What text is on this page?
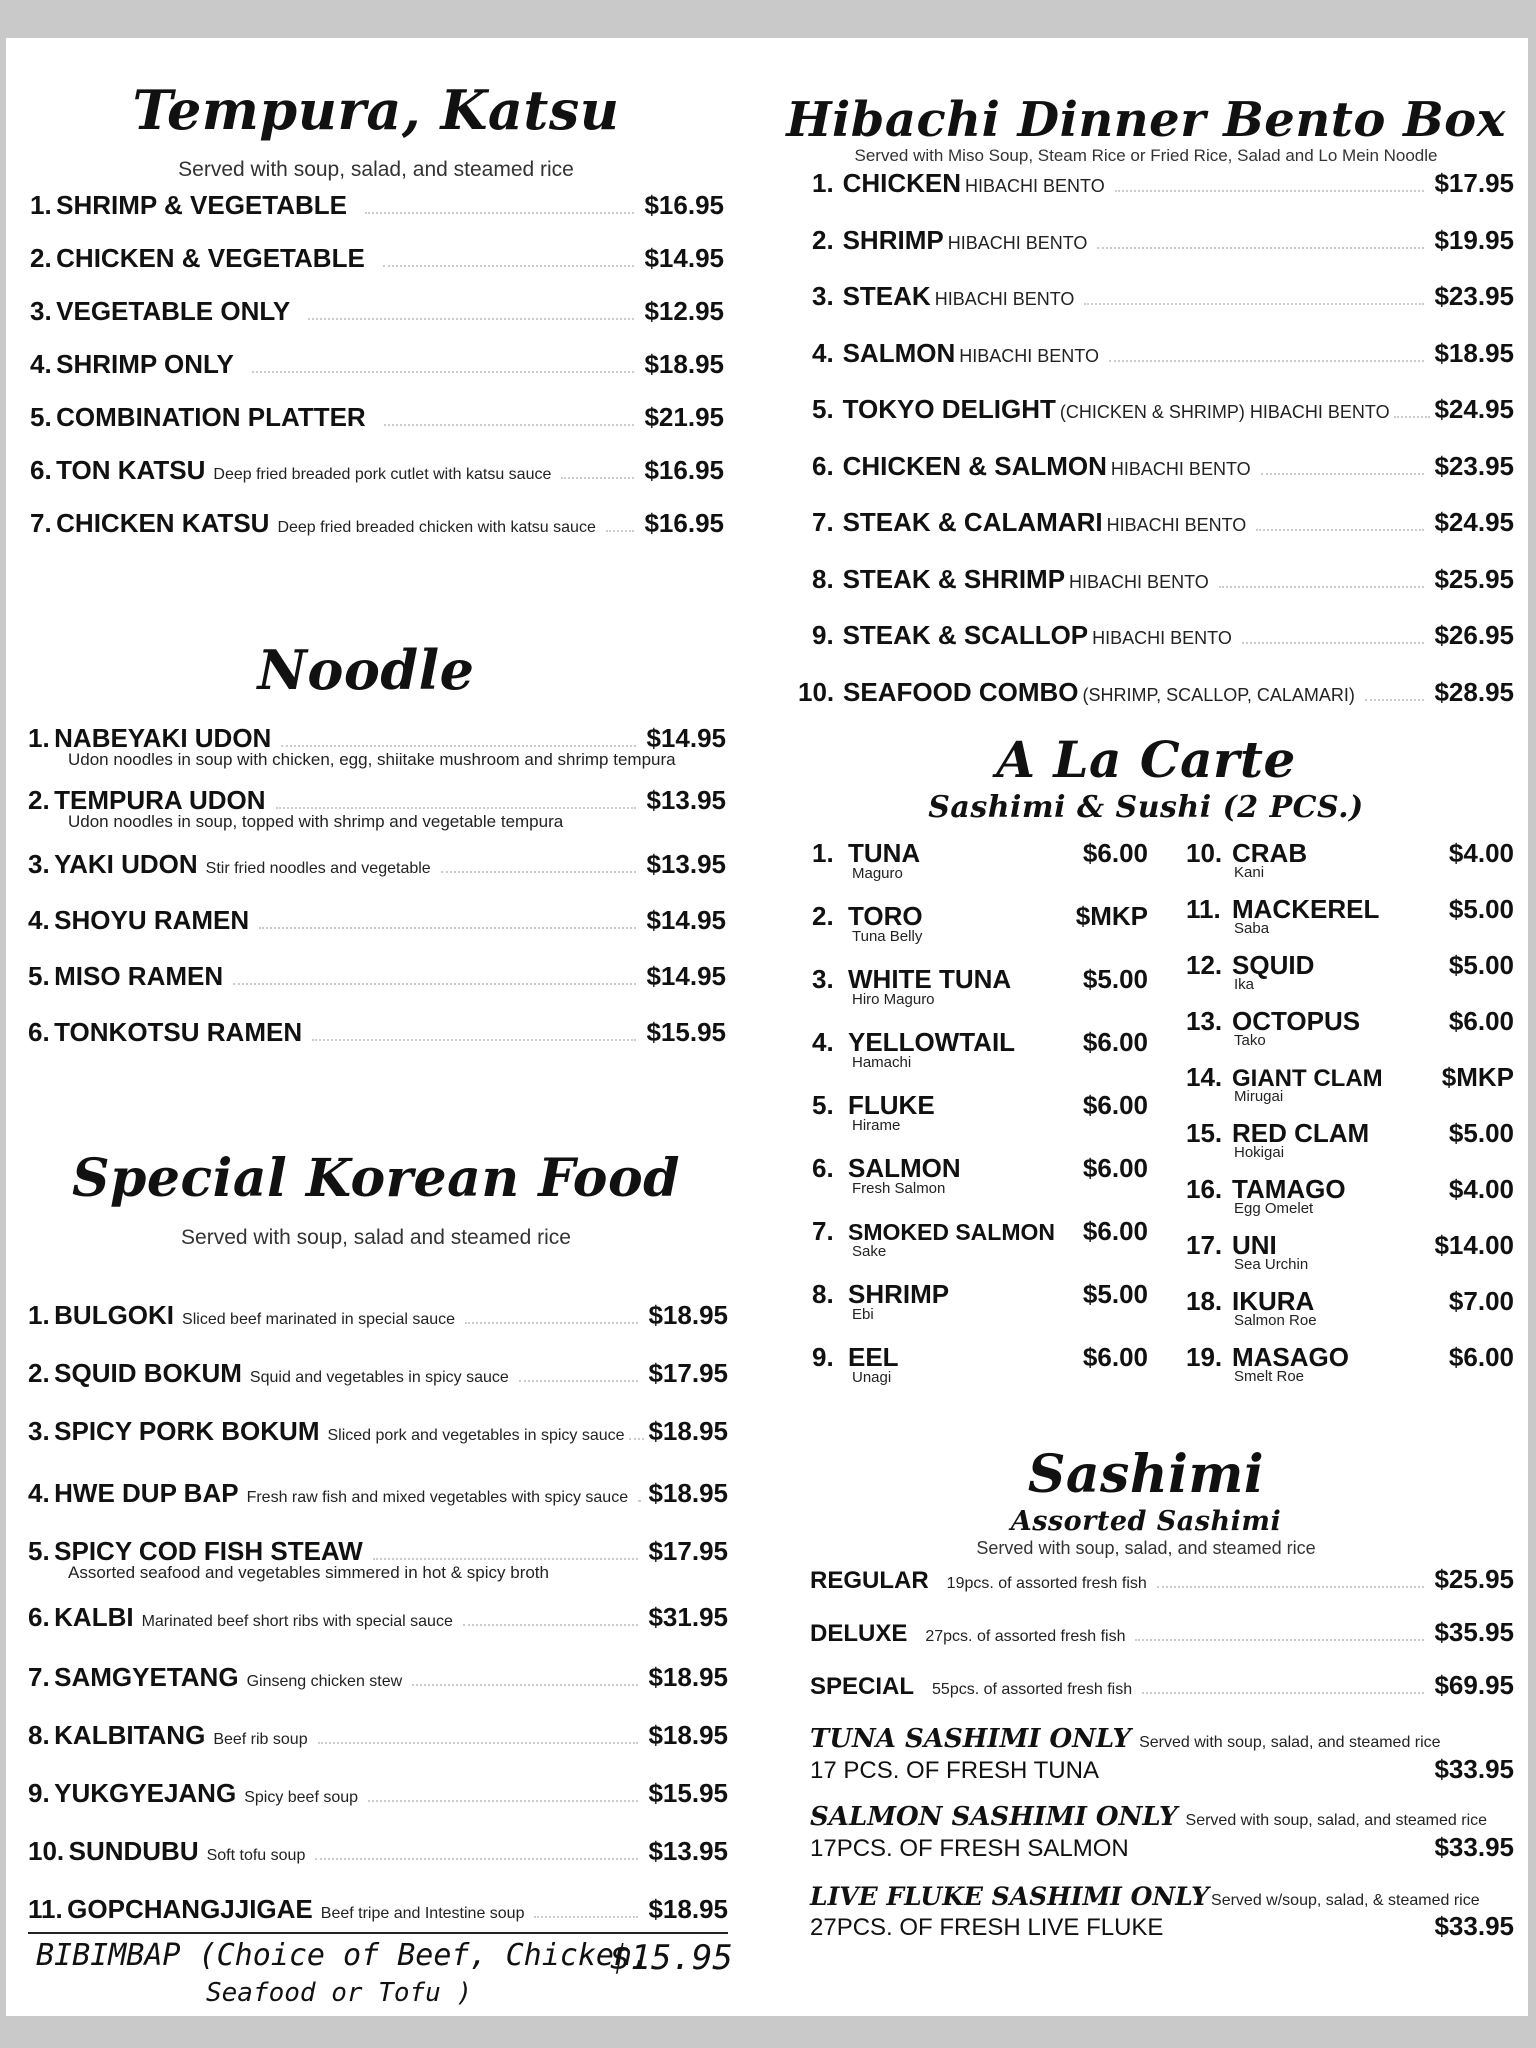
Tempura, Katsu

Served with soup, salad, and steamed rice

1.
SHRIMP & VEGETABLE	$16.95
2.
CHICKEN & VEGETABLE	$14.95
3.
VEGETABLE ONLY	$12.95
4.
SHRIMP ONLY	$18.95
5.
COMBINATION PLATTER	$21.95
6.
TON KATSU Deep fried breaded pork cutlet with katsu sauce	$16.95
7.
CHICKEN KATSU Deep fried breaded chicken with katsu sauce $16.95
Noodle
1.
NABEYAKI UDON	$14.95
Udon noodles in soup with chicken, egg, shiitake mushroom and shrimp tempura
2.
TEMPURA UDON	$13.95
Udon noodles in soup, topped with shrimp and vegetable tempura
3.
YAKI UDON Stir fried noodles and vegetable	$13.95
4.
SHOYU RAMEN	$14.95
5.
MISO RAMEN	$14.95
6.
TONKOTSU RAMEN	$15.95
Special Korean Food

Served with soup, salad and steamed rice

1.
BULGOKI Sliced beef marinated in special sauce	$18.95
2.
SQUID BOKUM Squid and vegetables in spicy sauce	$17.95
3.
SPICY PORK BOKUM Sliced pork and vegetables in spicy sauce $18.95
4.
HWE DUP BAP Fresh raw fish and mixed vegetables with spicy sauce $18.95
5.
SPICY COD FISH STEAW	$17.95
Assorted seafood and vegetables simmered in hot & spicy broth
6.
KALBI Marinated beef short ribs with special sauce	$31.95
7.
SAMGYETANG Ginseng chicken stew	$18.95
8.
KALBITANG Beef rib soup	$18.95
9.
YUKGYEJANG Spicy beef soup	$15.95
10.
SUNDUBU Soft tofu soup	$13.95
11.
GOPCHANGJJIGAE Beef tripe and Intestine soup	$18.95
BIBIMBAP (Choice of Beef, Chicken,
Seafood or Tofu )
$15.95
Hibachi Dinner Bento Box

Served with Miso Soup, Steam Rice or Fried Rice, Salad and Lo Mein Noodle

1.
CHICKEN HIBACHI BENTO	$17.95
2.
SHRIMP HIBACHI BENTO	$19.95
3.
STEAK HIBACHI BENTO	$23.95
4.
SALMON HIBACHI BENTO	$18.95
5.
TOKYO DELIGHT (CHICKEN & SHRIMP) HIBACHI BENTO $24.95
6.
CHICKEN & SALMON HIBACHI BENTO	$23.95
7.
STEAK & CALAMARI HIBACHI BENTO	$24.95
8.
STEAK & SHRIMP HIBACHI BENTO	$25.95
9.
STEAK & SCALLOP HIBACHI BENTO	$26.95
10.
SEAFOOD COMBO (SHRIMP, SCALLOP, CALAMARI)	$28.95
A La Carte

Sashimi & Sushi (2 PCS.)

1. TUNA	$6.00
Maguro
2. TORO	$MKP
Tuna Belly
3. WHITE TUNA	$5.00
Hiro Maguro
4. YELLOWTAIL	$6.00
Hamachi
5. FLUKE	$6.00
Hirame
6. SALMON	$6.00
Fresh Salmon
7. SMOKED SALMON	$6.00
Sake
8. SHRIMP	$5.00
Ebi
9. EEL	$6.00
Unagi
10. CRAB	$4.00
Kani
11. MACKEREL	$5.00
Saba
12. SQUID	$5.00
Ika
13. OCTOPUS	$6.00
Tako
14. GIANT CLAM	$MKP
Mirugai
15. RED CLAM	$5.00
Hokigai
16. TAMAGO	$4.00
Egg Omelet
17. UNI	$14.00
Sea Urchin
18. IKURA	$7.00
Salmon Roe
19. MASAGO	$6.00
Smelt Roe
Sashimi

Assorted Sashimi

Served with soup, salad, and steamed rice

REGULAR 19pcs. of assorted fresh fish	$25.95
DELUXE 27pcs. of assorted fresh fish	$35.95
SPECIAL 55pcs. of assorted fresh fish	$69.95
TUNA SASHIMI ONLY Served with soup, salad, and steamed rice
17 PCS. OF FRESH TUNA	$33.95
SALMON SASHIMI ONLY Served with soup, salad, and steamed rice
17PCS. OF FRESH SALMON	$33.95
LIVE FLUKE SASHIMI ONLY Served w/soup, salad, & steamed rice
27PCS. OF FRESH LIVE FLUKE	$33.95
